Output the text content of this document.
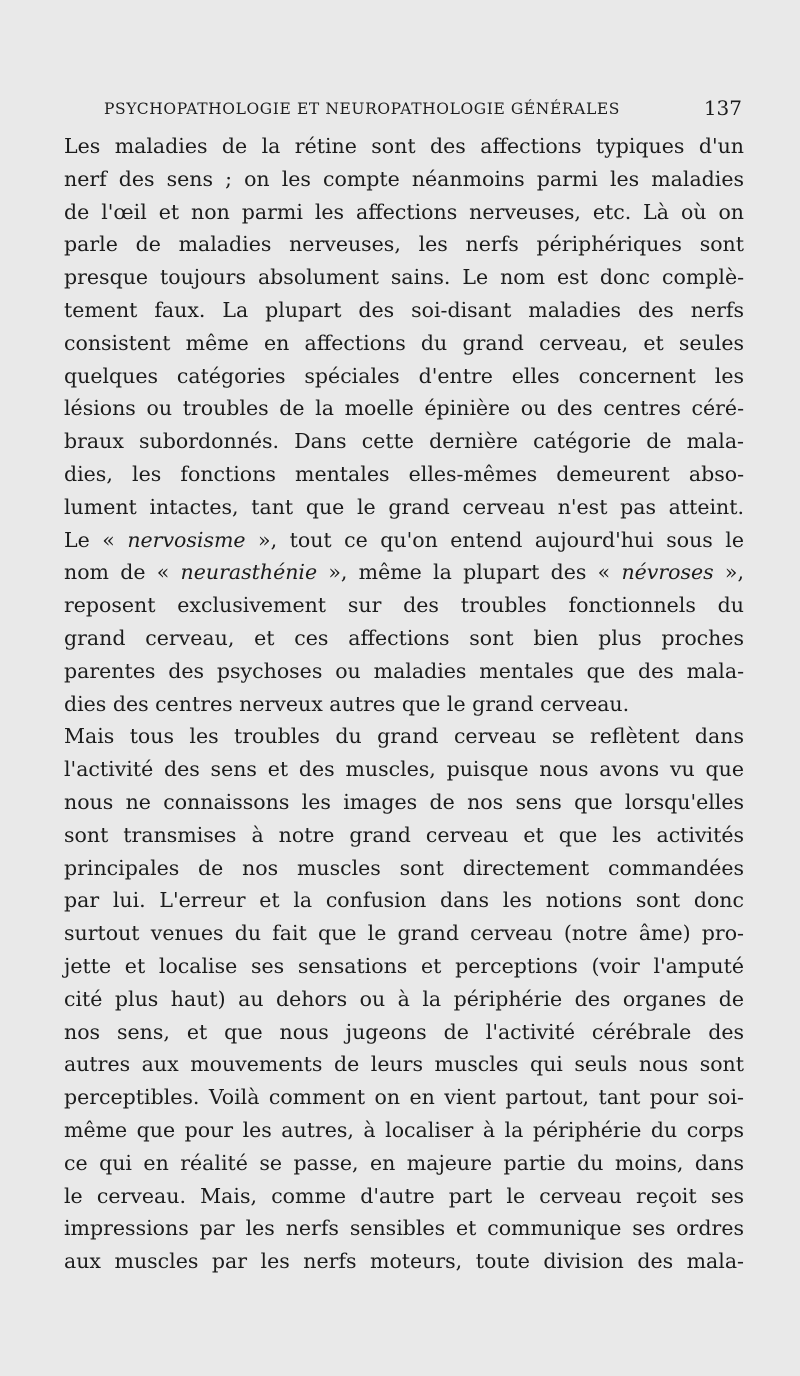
PSYCHOPATHOLOGIE ET NEUROPATHOLOGIE GÉNÉRALES	137

Les maladies de la rétine sont des affections typiques d'un

nerf des sens ; on les compte néanmoins parmi les maladies

de l'œil et non parmi les affections nerveuses, etc. Là où on

parle de maladies nerveuses, les nerfs périphériques sont

presque toujours absolument sains. Le nom est donc complè-

tement faux. La plupart des soi-disant maladies des nerfs

consistent même en affections du grand cerveau, et seules

quelques catégories spéciales d'entre elles concernent les

lésions ou troubles de la moelle épinière ou des centres céré-

braux subordonnés. Dans cette dernière catégorie de mala-

dies, les fonctions mentales elles-mêmes demeurent abso-

lument intactes, tant que le grand cerveau n'est pas atteint.

Le « nervosisme », tout ce qu'on entend aujourd'hui sous le

nom de « neurasthénie », même la plupart des « névroses »,

reposent exclusivement sur des troubles fonctionnels du

grand cerveau, et ces affections sont bien plus proches

parentes des psychoses ou maladies mentales que des mala-

dies des centres nerveux autres que le grand cerveau.

Mais tous les troubles du grand cerveau se reflètent dans

l'activité des sens et des muscles, puisque nous avons vu que

nous ne connaissons les images de nos sens que lorsqu'elles

sont transmises à notre grand cerveau et que les activités

principales de nos muscles sont directement commandées

par lui. L'erreur et la confusion dans les notions sont donc

surtout venues du fait que le grand cerveau (notre âme) pro-

jette et localise ses sensations et perceptions (voir l'amputé

cité plus haut) au dehors ou à la périphérie des organes de

nos sens, et que nous jugeons de l'activité cérébrale des

autres aux mouvements de leurs muscles qui seuls nous sont

perceptibles. Voilà comment on en vient partout, tant pour soi-

même que pour les autres, à localiser à la périphérie du corps

ce qui en réalité se passe, en majeure partie du moins, dans

le cerveau. Mais, comme d'autre part le cerveau reçoit ses

impressions par les nerfs sensibles et communique ses ordres

aux muscles par les nerfs moteurs, toute division des mala-
